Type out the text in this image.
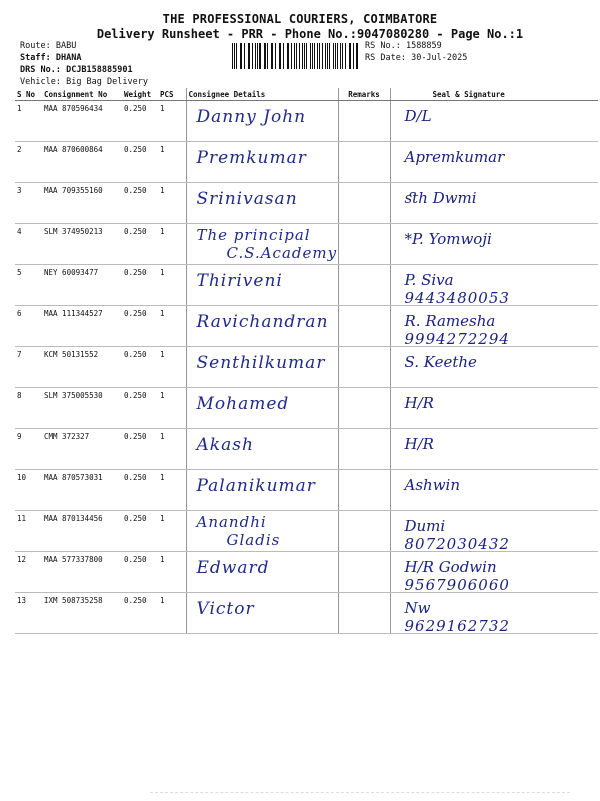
THE PROFESSIONAL COURIERS, COIMBATORE
Delivery Runsheet - PRR - Phone No.:9047080280 - Page No.:1
Route: BABU
Staff: DHANA
DRS No.: DCJB158885901
Vehicle: Big Bag Delivery
RS No.: 1588859
RS Date: 30-Jul-2025
S No	Consignment No	Weight	PCS	Consignee Details	Remarks	Seal & Signature
1	MAA 870596434	0.250	1	Danny John		D/L

2	MAA 870600864	0.250	1	Premkumar		Apremkumar

3	MAA 709355160	0.250	1	Srinivasan		ﬆh Dwmi

4	SLM 374950213	0.250	1	The principal
C.S.Academy		*P. Yomwoji

5	NEY 60093477	0.250	1	Thiriveni		P. Siva
9443480053

6	MAA 111344527	0.250	1	Ravichandran		R. Ramesha
9994272294

7	KCM 50131552	0.250	1	Senthilkumar		S. Keethe

8	SLM 375005530	0.250	1	Mohamed		H/R

9	CMM 372327	0.250	1	Akash		H/R

10	MAA 870573031	0.250	1	Palanikumar		Ashwin

11	MAA 870134456	0.250	1	Anandhi
Gladis		Dumi
8072030432

12	MAA 577337800	0.250	1	Edward		H/R Godwin
9567906060

13	IXM 508735258	0.250	1	Victor		Nw
9629162732
